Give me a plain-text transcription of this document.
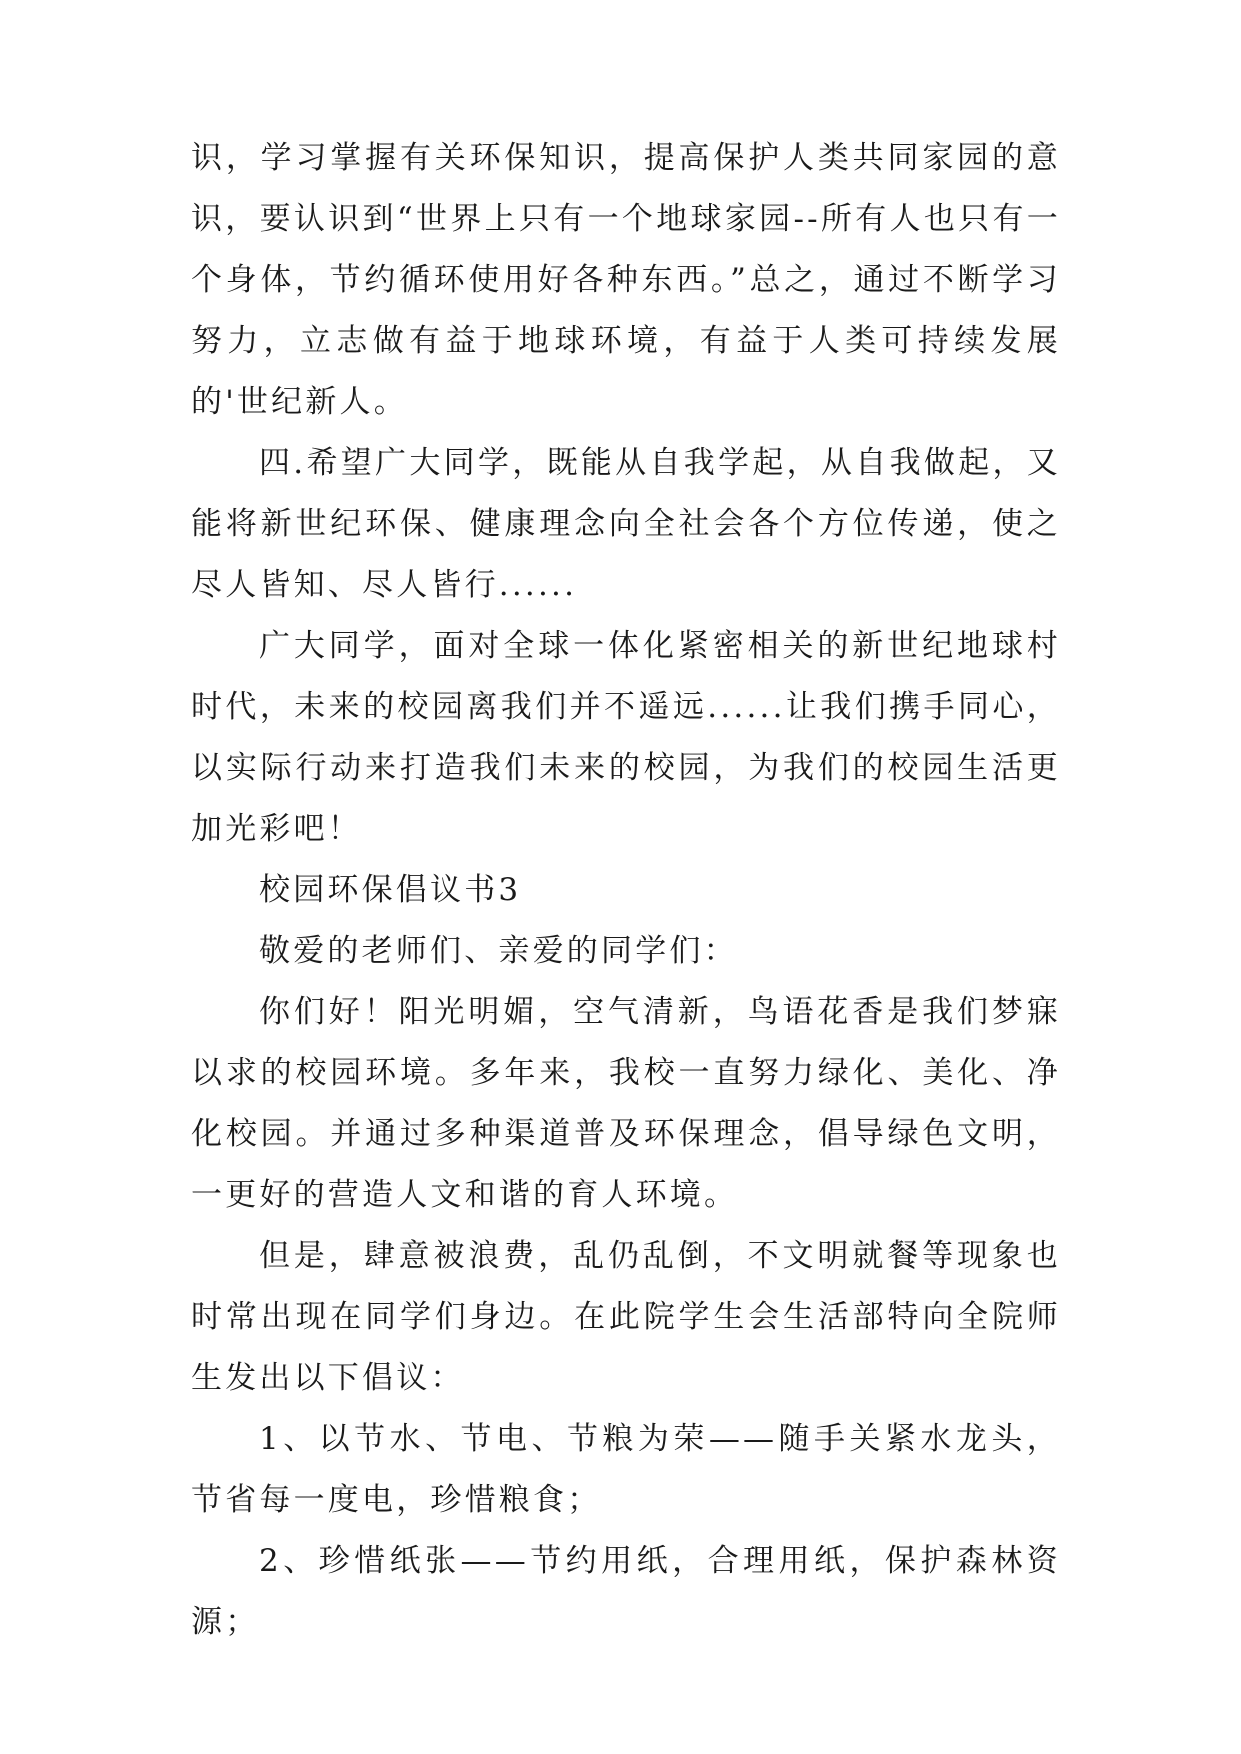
识，学习掌握有关环保知识，提高保护人类共同家园的意识，要认识到“世界上只有一个地球家园--所有人也只有一个身体，节约循环使用好各种东西。”总之，通过不断学习努力，立志做有益于地球环境，有益于人类可持续发展的'世纪新人。

四.希望广大同学，既能从自我学起，从自我做起，又能将新世纪环保、健康理念向全社会各个方位传递，使之尽人皆知、尽人皆行......

广大同学，面对全球一体化紧密相关的新世纪地球村时代，未来的校园离我们并不遥远......让我们携手同心，以实际行动来打造我们未来的校园，为我们的校园生活更加光彩吧！

校园环保倡议书3

敬爱的老师们、亲爱的同学们：

你们好！阳光明媚，空气清新，鸟语花香是我们梦寐以求的校园环境。多年来，我校一直努力绿化、美化、净化校园。并通过多种渠道普及环保理念，倡导绿色文明，一更好的营造人文和谐的育人环境。

但是，肆意被浪费，乱仍乱倒，不文明就餐等现象也时常出现在同学们身边。在此院学生会生活部特向全院师生发出以下倡议：

1、以节水、节电、节粮为荣——随手关紧水龙头，节省每一度电，珍惜粮食；

2、珍惜纸张——节约用纸，合理用纸，保护森林资源；
